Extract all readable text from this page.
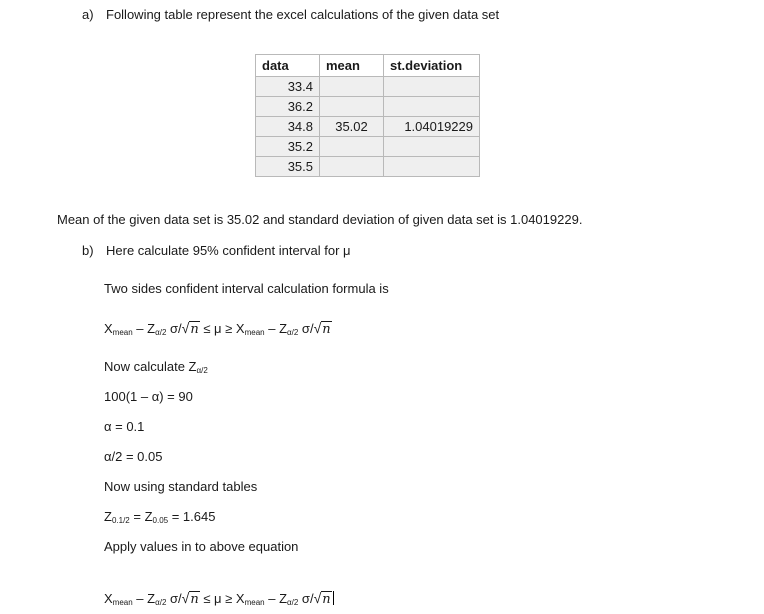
a) Following table represent the excel calculations of the given data set
data	mean	st.deviation
33.4		
36.2		
34.8	35.02	1.04019229
35.2		
35.5		
Mean of the given data set is 35.02 and standard deviation of given data set is 1.04019229.
b) Here calculate 95% confident interval for μ
Two sides confident interval calculation formula is
$X_{mean} - Z_{\alpha/2}$ $\sigma/√n \le \mu \ge X_{mean} - Z_{\alpha/2}$ σ/√n
Now calculate $Z_{\alpha/2}$
100(1 – α) = 90
α = 0.1
α/2 = 0.05
Now using standard tables
$Z_{0.1/2} = Z_{0.05} = 1.645$
Apply values in to above equation
$X_{mean} - Z_{\alpha/2}$ $\sigma/√n \le \mu \ge X_{mean} - Z_{\alpha/2}$ σ/√n
